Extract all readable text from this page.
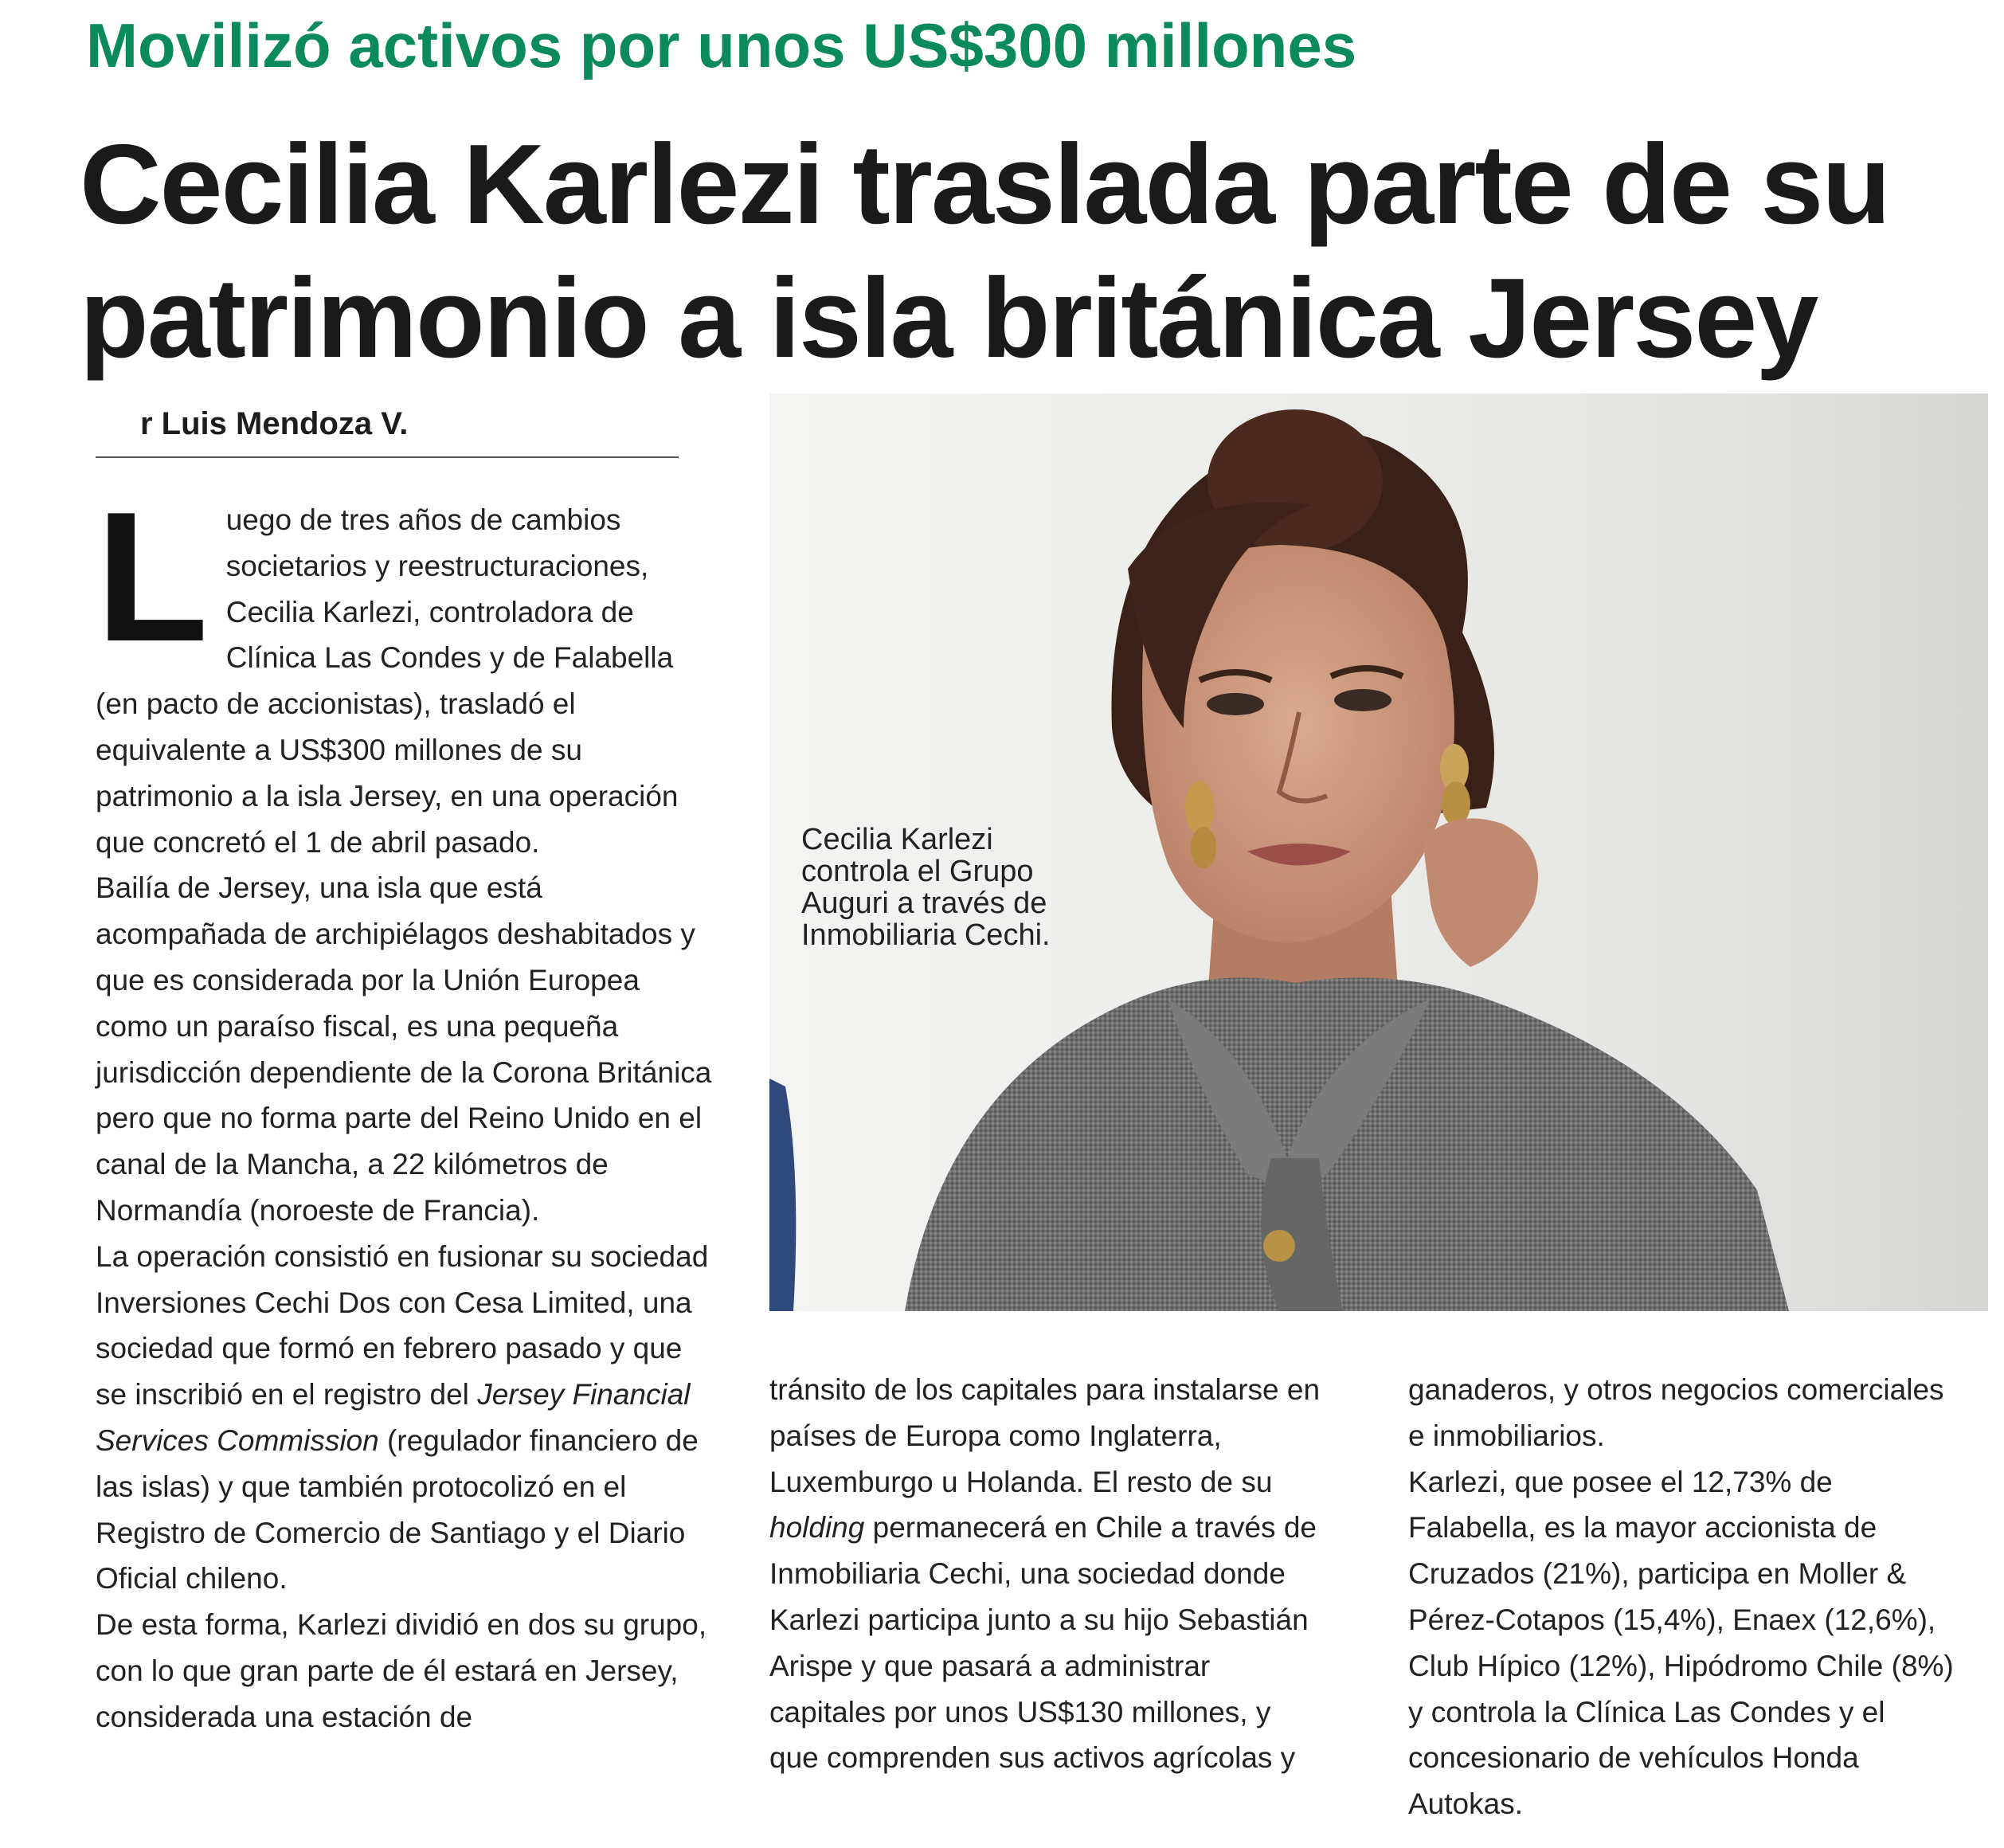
Movilizó activos por unos US$300 millones
Cecilia Karlezi traslada parte de su
patrimonio a isla británica Jersey
r Luis Mendoza V.

Luego de tres años de cambios societarios y reestructuraciones, Cecilia Karlezi, controladora de Clínica Las Condes y de Falabella (en pacto de accionistas), trasladó el equivalente a US$300 millones de su patrimonio a la isla Jersey, en una operación que concretó el 1 de abril pasado.

Bailía de Jersey, una isla que está acompañada de archipiélagos deshabitados y que es considerada por la Unión Europea como un paraíso fiscal, es una pequeña jurisdicción dependiente de la Corona Británica pero que no forma parte del Reino Unido en el canal de la Mancha, a 22 kilómetros de Normandía (noroeste de Francia).

La operación consistió en fusionar su sociedad Inversiones Cechi Dos con Cesa Limited, una sociedad que formó en febrero pasado y que se inscribió en el registro del Jersey Financial Services Commission (regulador financiero de las islas) y que también protocolizó en el Registro de Comercio de Santiago y el Diario Oficial chileno.

De esta forma, Karlezi dividió en dos su grupo, con lo que gran parte de él estará en Jersey, considerada una estación de

Cecilia Karlezi

controla el Grupo

Auguri a través de

Inmobiliaria Cechi.

tránsito de los capitales para instalarse en países de Europa como Inglaterra, Luxemburgo u Holanda. El resto de su holding permanecerá en Chile a través de Inmobiliaria Cechi, una sociedad donde Karlezi participa junto a su hijo Sebastián Arispe y que pasará a administrar capitales por unos US$130 millones, y que comprenden sus activos agrícolas y

ganaderos, y otros negocios comerciales e inmobiliarios.

Karlezi, que posee el 12,73% de Falabella, es la mayor accionista de Cruzados (21%), participa en Moller & Pérez-Cotapos (15,4%), Enaex (12,6%), Club Hípico (12%), Hipódromo Chile (8%) y controla la Clínica Las Condes y el concesionario de vehículos Honda Autokas.
